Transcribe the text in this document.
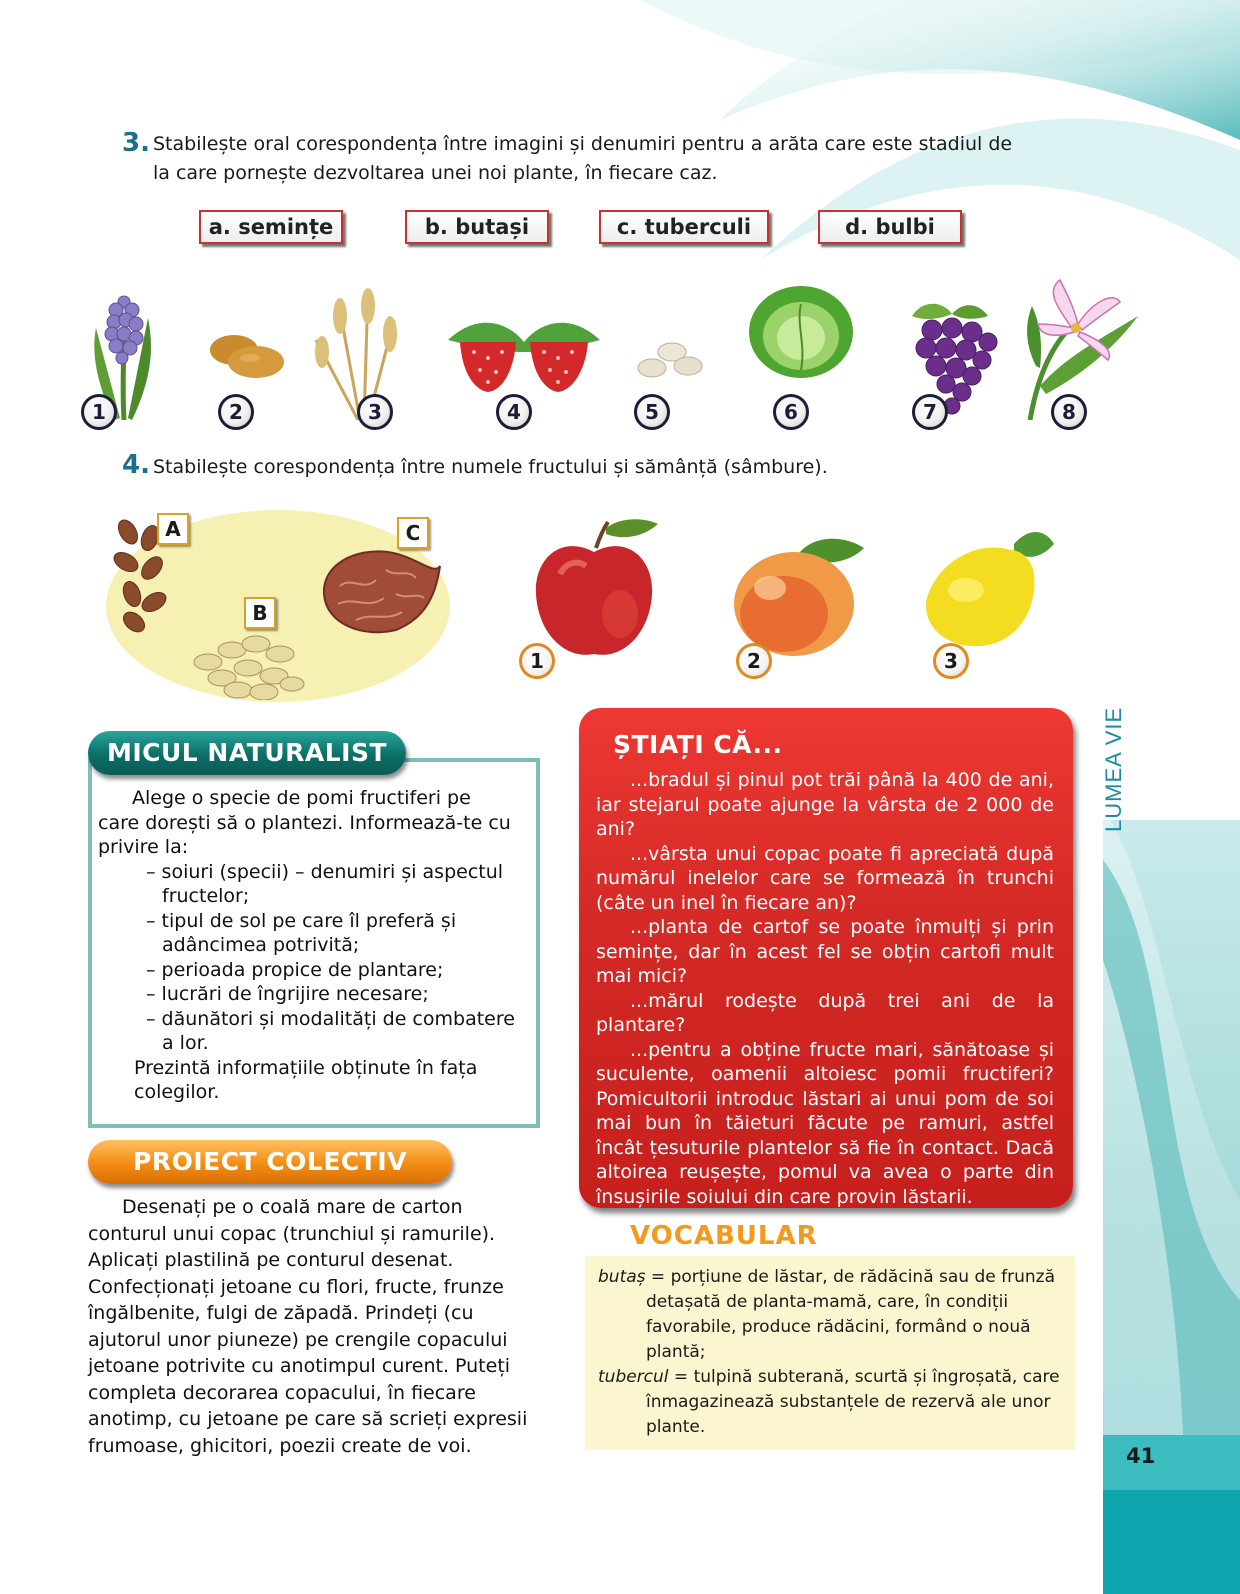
3. Stabilește oral corespondența între imagini și denumiri pentru a arăta care este stadiul de
la care pornește dezvoltarea unei noi plante, în fiecare caz.
a. semințe	b. butași	c. tuberculi	d. bulbi
1	2	3	4	5	6	7	8
4. Stabilește corespondența între numele fructului și sămânță (sâmbure).
A
B
C
1	2	3
MICUL NATURALIST

Alege o specie de pomi fructiferi pe

care dorești să o plantezi. Informează-te cu

privire la:

– soiuri (specii) – denumiri și aspectul

fructelor;

– tipul de sol pe care îl preferă și

adâncimea potrivită;

– perioada propice de plantare;

– lucrări de îngrijire necesare;

– dăunători și modalități de combatere

a lor.

Prezintă informațiile obținute în fața

colegilor.

PROIECT COLECTIV

Desenați pe o coală mare de carton

conturul unui copac (trunchiul și ramurile).

Aplicați plastilină pe conturul desenat.

Confecționați jetoane cu flori, fructe, frunze

îngălbenite, fulgi de zăpadă. Prindeți (cu

ajutorul unor piuneze) pe crengile copacului

jetoane potrivite cu anotimpul curent. Puteți

completa decorarea copacului, în fiecare

anotimp, cu jetoane pe care să scrieți expresii

frumoase, ghicitori, poezii create de voi.

ȘTIAȚI CĂ...

...bradul și pinul pot trăi până la 400 de ani, iar stejarul poate ajunge la vârsta de 2 000 de ani?

...vârsta unui copac poate fi apreciată după numărul inelelor care se formează în trunchi (câte un inel în fiecare an)?

...planta de cartof se poate înmulți și prin semințe, dar în acest fel se obțin cartofi mult mai mici?

...mărul rodește după trei ani de la plantare?

...pentru a obține fructe mari, sănătoase și suculente, oamenii altoiesc pomii fructiferi? Pomicultorii introduc lăstari ai unui pom de soi mai bun în tăieturi făcute pe ramuri, astfel încât țesuturile plantelor să fie în contact. Dacă altoirea reușește, pomul va avea o parte din însușirile soiului din care provin lăstarii.

VOCABULAR

butaș = porțiune de lăstar, de rădăcină sau de frunză detașată de planta-mamă, care, în condiții favorabile, produce rădăcini, formând o nouă plantă;

tubercul = tulpină subterană, scurtă și îngroșată, care înmagazinează substanțele de rezervă ale unor plante.

LUMEA VIE
41
